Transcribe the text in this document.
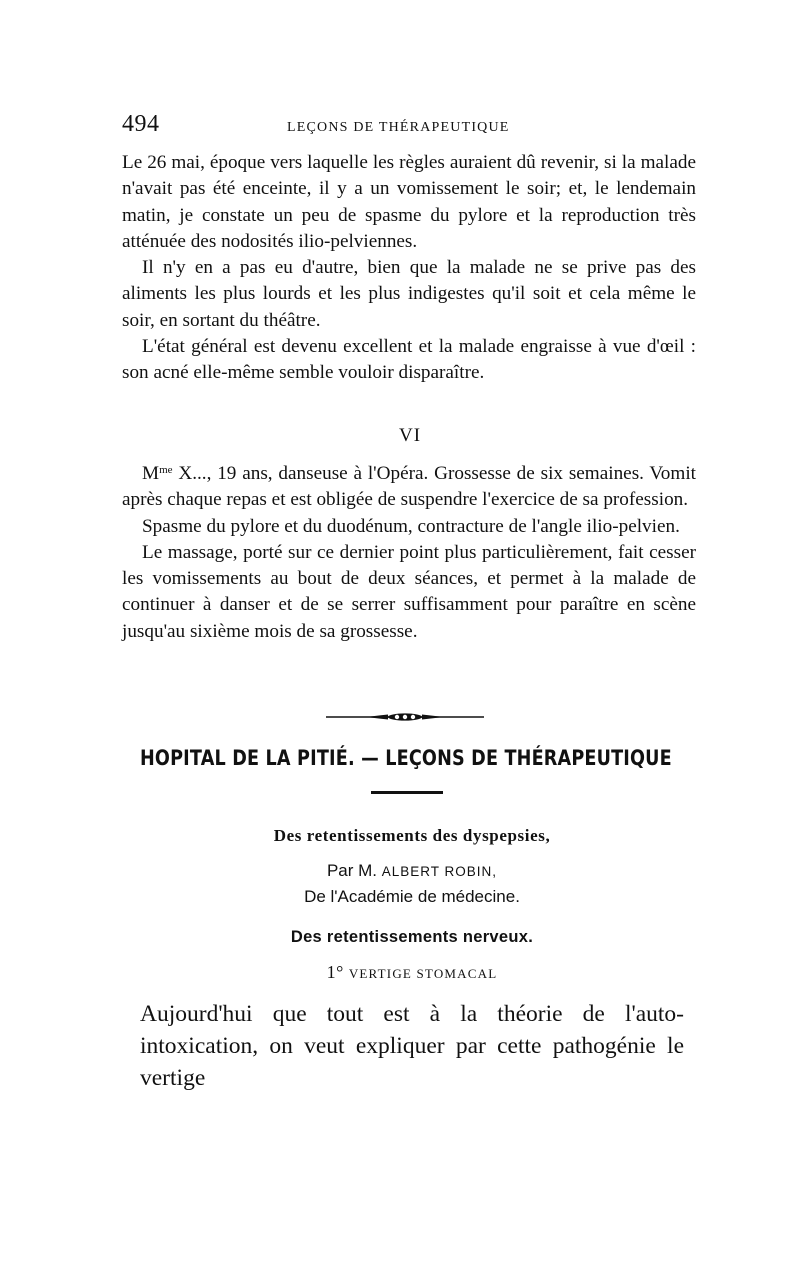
494	LEÇONS DE THÉRAPEUTIQUE

Le 26 mai, époque vers laquelle les règles auraient dû revenir, si la malade n'avait pas été enceinte, il y a un vomissement le soir; et, le lendemain matin, je constate un peu de spasme du pylore et la reproduction très atténuée des nodosités ilio-pelviennes.

Il n'y en a pas eu d'autre, bien que la malade ne se prive pas des aliments les plus lourds et les plus indigestes qu'il soit et cela même le soir, en sortant du théâtre.

L'état général est devenu excellent et la malade engraisse à vue d'œil : son acné elle-même semble vouloir disparaître.

VI

$M^{me}$ X..., 19 ans, danseuse à l'Opéra. Grossesse de six semaines. Vomit après chaque repas et est obligée de suspendre l'exercice de sa profession.

Spasme du pylore et du duodénum, contracture de l'angle ilio-pelvien.

Le massage, porté sur ce dernier point plus particulièrement, fait cesser les vomissements au bout de deux séances, et permet à la malade de continuer à danser et de se serrer suffisamment pour paraître en scène jusqu'au sixième mois de sa grossesse.

HOPITAL DE LA PITIÉ. — LEÇONS DE THÉRAPEUTIQUE
Des retentissements des dyspepsies,
Par M. ALBERT ROBIN,
De l'Académie de médecine.
Des retentissements nerveux.
1° VERTIGE STOMACAL

Aujourd'hui que tout est à la théorie de l'auto-intoxication, on veut expliquer par cette pathogénie le vertige
